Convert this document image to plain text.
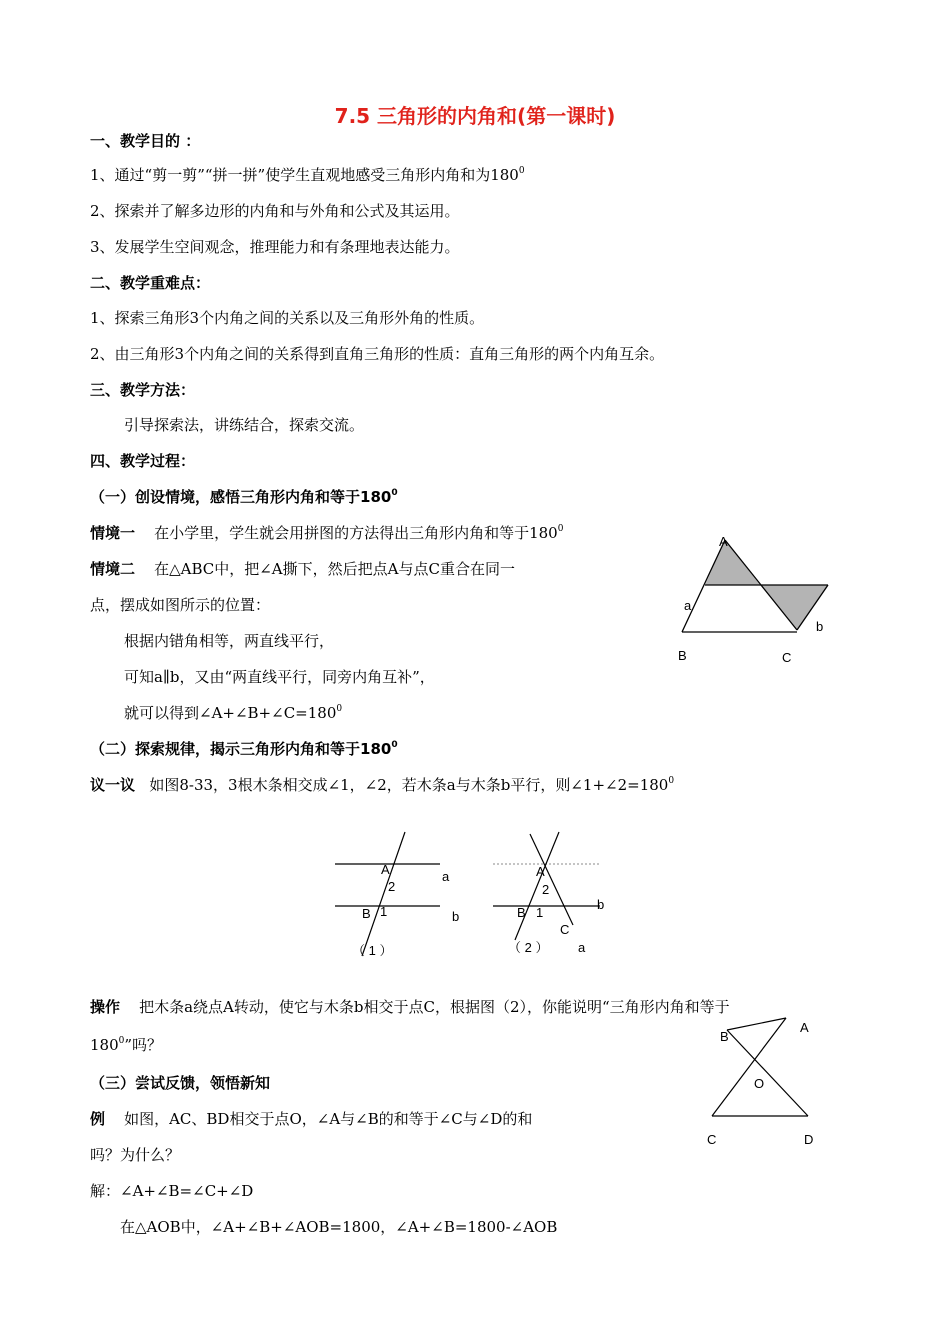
7.5 三角形的内角和(第一课时)
一、教学目的 ：
1、通过“剪一剪”“拼一拼”使学生直观地感受三角形内角和为$180^0$
2、探索并了解多边形的内角和与外角和公式及其运用。
3、发展学生空间观念，推理能力和有条理地表达能力。
二、教学重难点：
1、探索三角形3个内角之间的关系以及三角形外角的性质。
2、由三角形3个内角之间的关系得到直角三角形的性质：直角三角形的两个内角互余。
三、教学方法：
引导探索法，讲练结合，探索交流。
四、教学过程：
（一）创设情境，感悟三角形内角和等于$180^0$
情境一 在小学里，学生就会用拼图的方法得出三角形内角和等于$180^0$
情境二 在△ABC中，把∠A撕下，然后把点A与点C重合在同一
点，摆成如图所示的位置：
根据内错角相等，两直线平行，
可知a∥b，又由“两直线平行，同旁内角互补”，
就可以得到$\angle A+\angle B+\angle C=180^0$
（二）探索规律，揭示三角形内角和等于$180^0$
议一议 如图8-33，3根木条相交成∠1，∠2，若木条a与木条b平行，则$\angle 1+\angle 2=180^0$
操作 把木条a绕点A转动，使它与木条b相交于点C，根据图（2），你能说明“三角形内角和等于
$180^0$”吗？
（三）尝试反馈，领悟新知
例 如图，AC、BD相交于点O，∠A与∠B的和等于∠C与∠D的和
吗？为什么？
解：∠A+∠B=∠C+∠D
在△AOB中，∠A+∠B+∠AOB=1800，∠A+∠B=1800-∠AOB
A
a
b
B	C
A
2
a
B 1	b
（ 1 ）
A
2
b
B 1
C
（ 2 ） a
A
B
O
C	D
